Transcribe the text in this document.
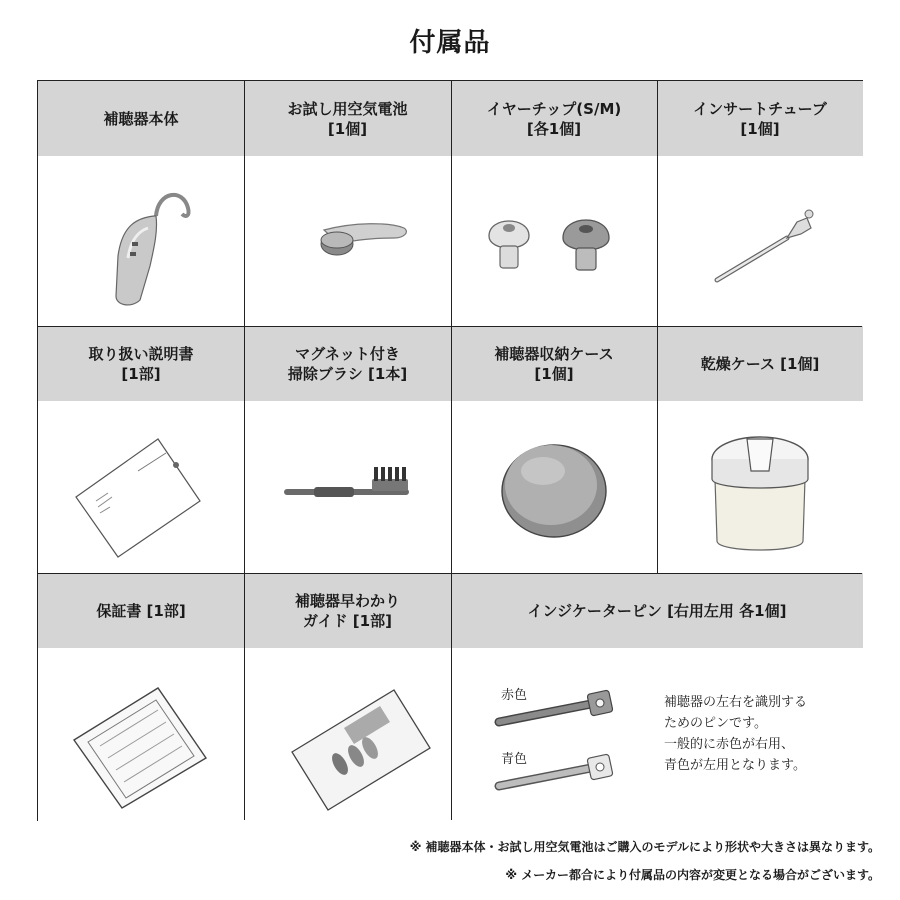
付属品
補聴器本体
お試し用空気電池
[1個]
イヤーチップ(S/M)
[各1個]
インサートチューブ
[1個]
取り扱い説明書
[1部]
マグネット付き
掃除ブラシ [1本]
補聴器収納ケース
[1個]
乾燥ケース [1個]
保証書 [1部]
補聴器早わかり
ガイド [1部]
インジケーターピン [右用左用 各1個]
赤色
青色
補聴器の左右を識別する
ためのピンです。
一般的に赤色が右用、
青色が左用となります。
※ 補聴器本体・お試し用空気電池はご購入のモデルにより形状や大きさは異なります。
※ メーカー都合により付属品の内容が変更となる場合がございます。
